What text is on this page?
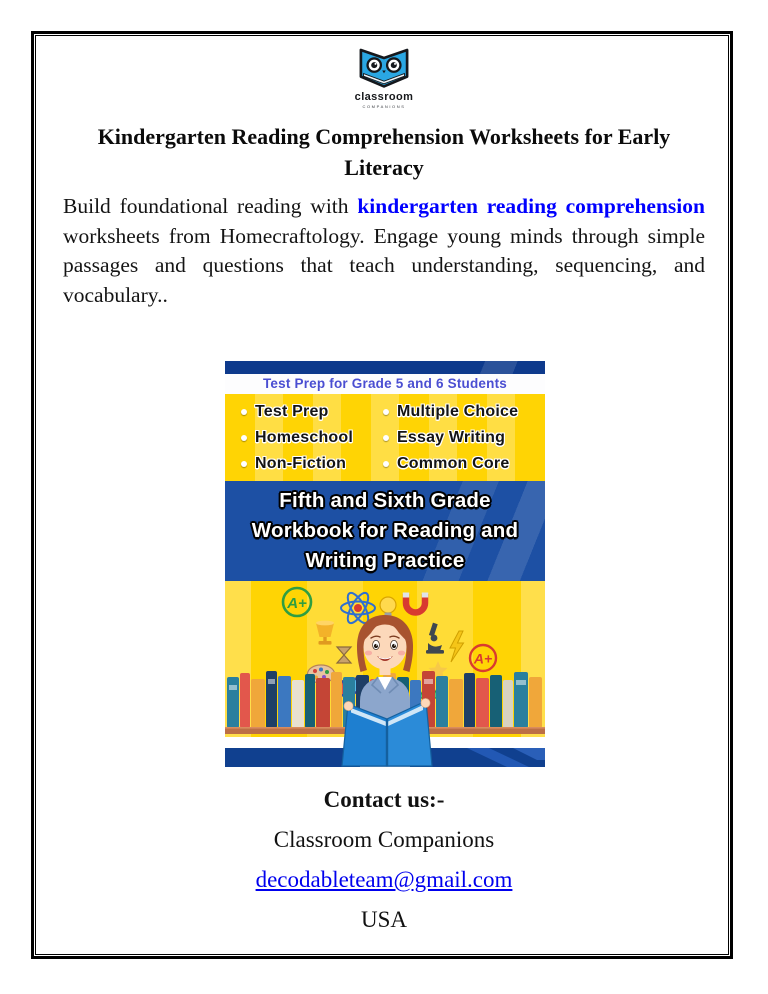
classroom
COMPANIONS
Kindergarten Reading Comprehension Worksheets for Early Literacy

Build foundational reading with kindergarten reading comprehension worksheets from Homecraftology. Engage young minds through simple passages and questions that teach understanding, sequencing, and vocabulary..

Test Prep for Grade 5 and 6 Students
Test Prep
Homeschool
Non-Fiction
Multiple Choice
Essay Writing
Common Core
Fifth and Sixth Grade
Workbook for Reading and
Writing Practice
A+
A+
Contact us:-
Classroom Companions
decodableteam@gmail.com
USA
